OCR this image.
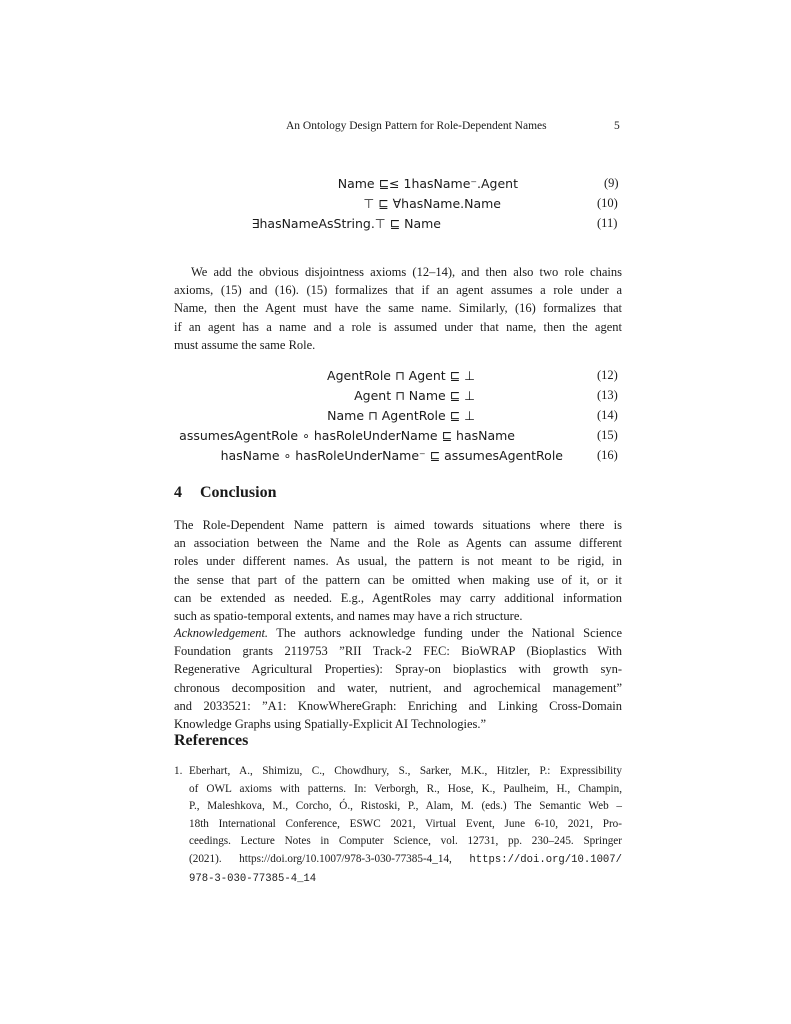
An Ontology Design Pattern for Role-Dependent Names	5
Name ⊑≤ 1hasName⁻.Agent	(9)
⊤ ⊑ ∀hasName.Name	(10)
∃hasNameAsString.⊤ ⊑ Name	(11)
We add the obvious disjointness axioms (12–14), and then also two role chains
axioms, (15) and (16). (15) formalizes that if an agent assumes a role under a
Name, then the Agent must have the same name. Similarly, (16) formalizes that
if an agent has a name and a role is assumed under that name, then the agent
must assume the same Role.
AgentRole ⊓ Agent ⊑ ⊥	(12)
Agent ⊓ Name ⊑ ⊥	(13)
Name ⊓ AgentRole ⊑ ⊥	(14)
assumesAgentRole ∘ hasRoleUnderName ⊑ hasName	(15)
hasName ∘ hasRoleUnderName⁻ ⊑ assumesAgentRole	(16)
4 Conclusion
The Role-Dependent Name pattern is aimed towards situations where there is
an association between the Name and the Role as Agents can assume different
roles under different names. As usual, the pattern is not meant to be rigid, in
the sense that part of the pattern can be omitted when making use of it, or it
can be extended as needed. E.g., AgentRoles may carry additional information
such as spatio-temporal extents, and names may have a rich structure.
Acknowledgement. The authors acknowledge funding under the National Science
Foundation grants 2119753 ”RII Track-2 FEC: BioWRAP (Bioplastics With
Regenerative Agricultural Properties): Spray-on bioplastics with growth syn-
chronous decomposition and water, nutrient, and agrochemical management”
and 2033521: ”A1: KnowWhereGraph: Enriching and Linking Cross-Domain
Knowledge Graphs using Spatially-Explicit AI Technologies.”
References
1. Eberhart, A., Shimizu, C., Chowdhury, S., Sarker, M.K., Hitzler, P.: Expressibility
of OWL axioms with patterns. In: Verborgh, R., Hose, K., Paulheim, H., Champin,
P., Maleshkova, M., Corcho, Ó., Ristoski, P., Alam, M. (eds.) The Semantic Web –
18th International Conference, ESWC 2021, Virtual Event, June 6-10, 2021, Pro-
ceedings. Lecture Notes in Computer Science, vol. 12731, pp. 230–245. Springer
(2021). https://doi.org/10.1007/978-3-030-77385-4_14, https://doi.org/10.1007/
978-3-030-77385-4_14
